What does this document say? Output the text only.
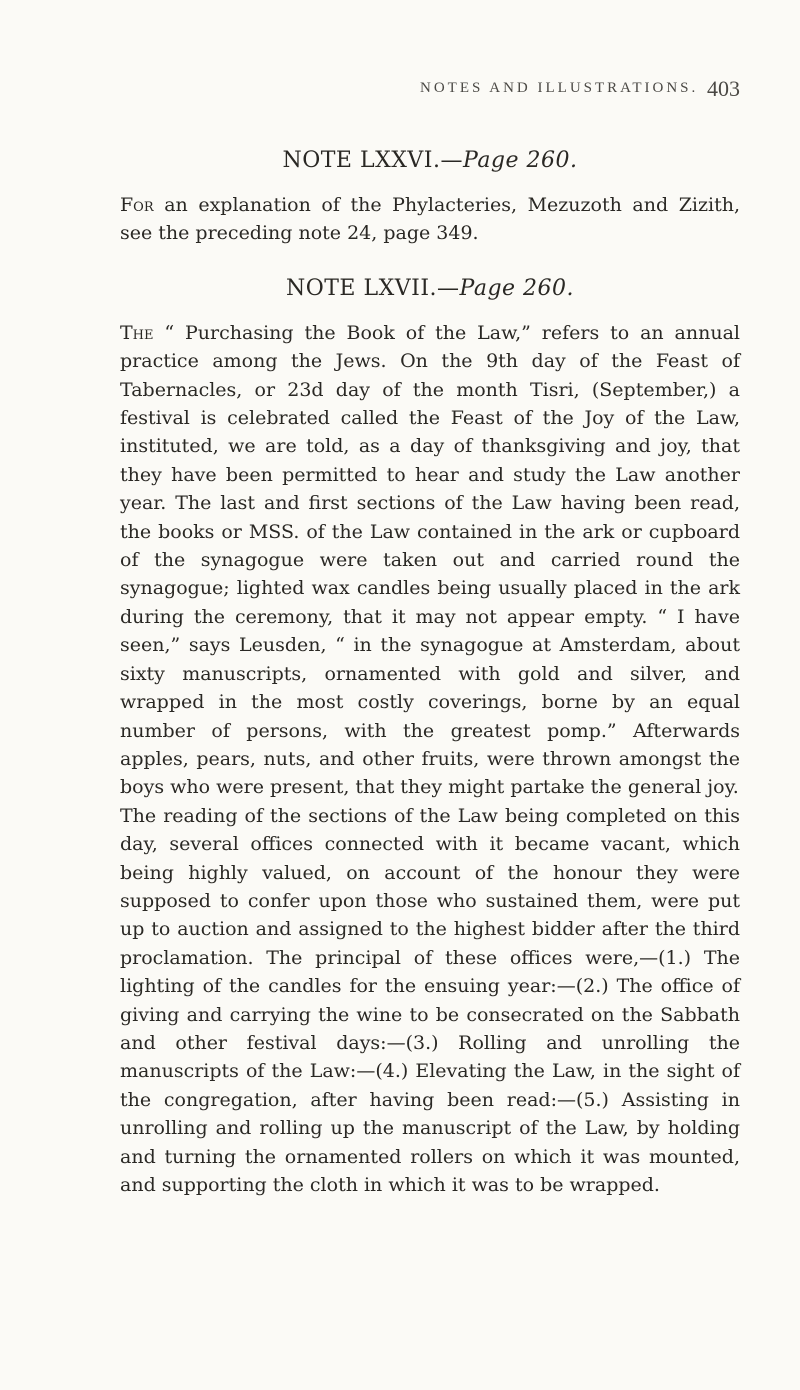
NOTES AND ILLUSTRATIONS. 403
NOTE LXXVI.—Page 260.
For an explanation of the Phylacteries, Mezuzoth and Zizith, see the preceding note 24, page 349.
NOTE LXVII.—Page 260.
The “ Purchasing the Book of the Law,” refers to an annual practice among the Jews. On the 9th day of the Feast of Tabernacles, or 23d day of the month Tisri, (September,) a festival is celebrated called the Feast of the Joy of the Law, instituted, we are told, as a day of thanksgiving and joy, that they have been permitted to hear and study the Law another year. The last and first sections of the Law having been read, the books or MSS. of the Law contained in the ark or cupboard of the synagogue were taken out and carried round the synagogue; lighted wax candles being usually placed in the ark during the ceremony, that it may not appear empty. “ I have seen,” says Leusden, “ in the synagogue at Amsterdam, about sixty manuscripts, ornamented with gold and silver, and wrapped in the most costly coverings, borne by an equal number of persons, with the greatest pomp.” Afterwards apples, pears, nuts, and other fruits, were thrown amongst the boys who were present, that they might partake the general joy.
The reading of the sections of the Law being completed on this day, several offices connected with it became vacant, which being highly valued, on account of the honour they were supposed to confer upon those who sustained them, were put up to auction and assigned to the highest bidder after the third proclamation. The principal of these offices were,—(1.) The lighting of the candles for the ensuing year:—(2.) The office of giving and carrying the wine to be consecrated on the Sabbath and other festival days:—(3.) Rolling and unrolling the manuscripts of the Law:—(4.) Elevating the Law, in the sight of the congregation, after having been read:—(5.) Assisting in unrolling and rolling up the manuscript of the Law, by holding and turning the ornamented rollers on which it was mounted, and supporting the cloth in which it was to be wrapped.
